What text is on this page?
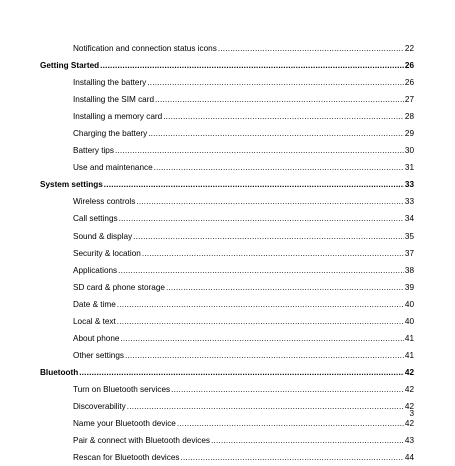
Notification and connection status icons .....	22
Getting Started .....	26
Installing the battery .....	26
Installing the SIM card .....	27
Installing a memory card .....	28
Charging the battery .....	29
Battery tips .....	30
Use and maintenance .....	31
System settings .....	33
Wireless controls .....	33
Call settings .....	34
Sound & display .....	35
Security & location .....	37
Applications .....	38
SD card & phone storage .....	39
Date & time .....	40
Local & text .....	40
About phone .....	41
Other settings .....	41
Bluetooth .....	42
Turn on Bluetooth services .....	42
Discoverability .....	42
Name your Bluetooth device .....	42
Pair & connect with Bluetooth devices .....	43
Rescan for Bluetooth devices .....	44
3
